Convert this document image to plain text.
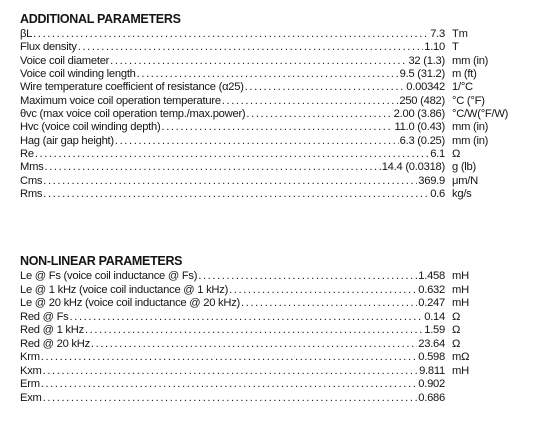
ADDITIONAL PARAMETERS
βL .....	7.3 Tm
Flux density .....	1.10 T
Voice coil diameter .....	32 (1.3) mm (in)
Voice coil winding length .....	9.5 (31.2) m (ft)
Wire temperature coefficient of resistance (α25) .....	0.00342 1/°C
Maximum voice coil operation temperature .....	250 (482) °C (°F)
θvc (max voice coil operation temp./max.power) .....	2.00 (3.86) °C/W(°F/W)
Hvc (voice coil winding depth) .....	11.0 (0.43) mm (in)
Hag (air gap height) .....	6.3 (0.25) mm (in)
Re .....	6.1 Ω
Mms .....	14.4 (0.0318) g (lb)
Cms .....	369.9 μm/N
Rms .....	0.6 kg/s
NON-LINEAR PARAMETERS
Le @ Fs (voice coil inductance @ Fs) .....	1.458 mH
Le @ 1 kHz (voice coil inductance @ 1 kHz) .....	0.632 mH
Le @ 20 kHz (voice coil inductance @ 20 kHz) .....	0.247 mH
Red @ Fs .....	0.14 Ω
Red @ 1 kHz .....	1.59 Ω
Red @ 20 kHz .....	23.64 Ω
Krm .....	0.598 mΩ
Kxm .....	9.811 mH
Erm .....	0.902
Exm .....	0.686
